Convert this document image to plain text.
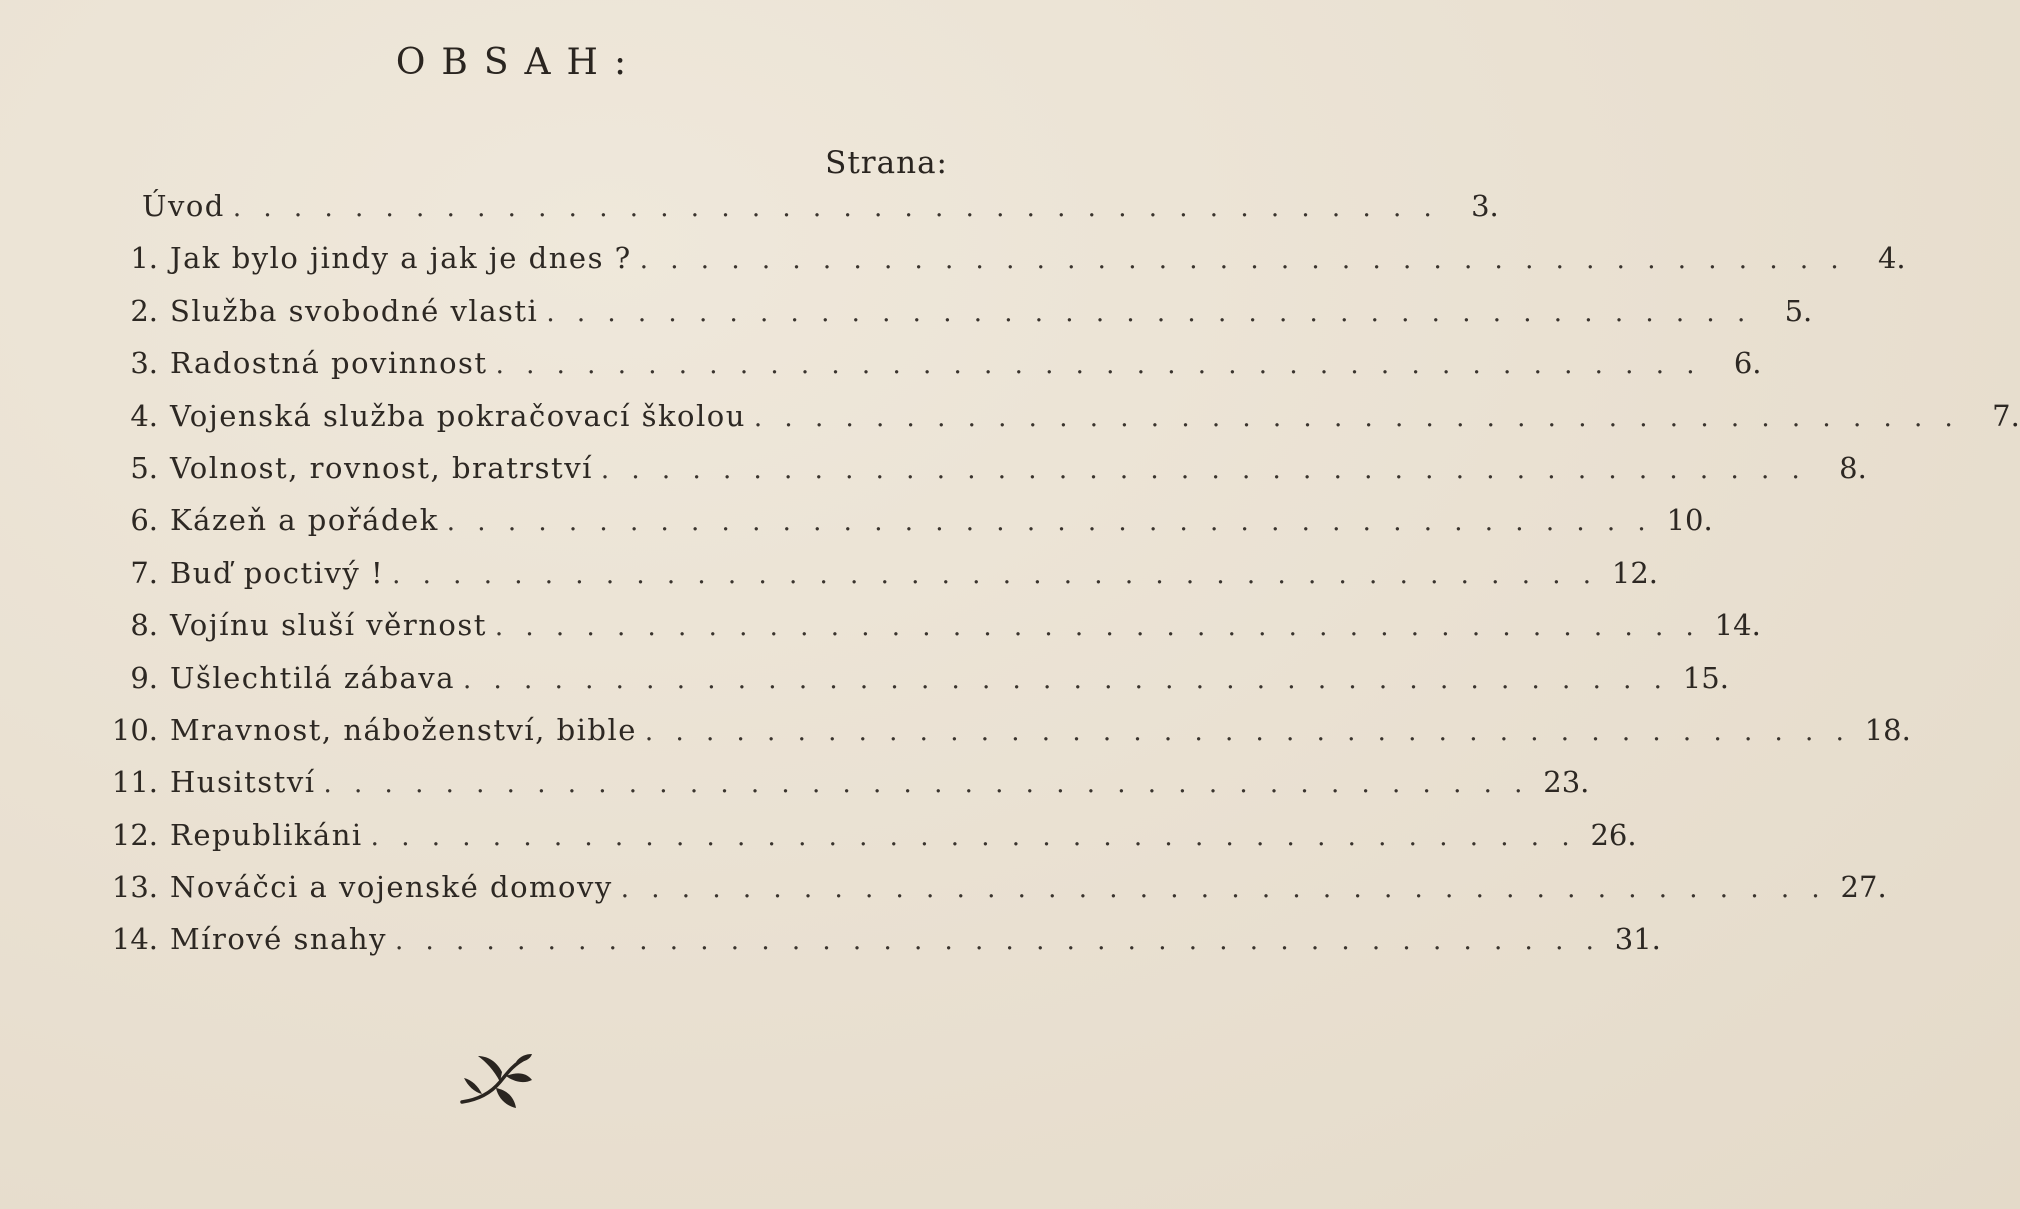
OBSAH:
Strana:
Úvod . . . . . . . . . . . . . . . . . . . . . . . . . . . . . . . . . . . . . . . .	3.
1. Jak bylo jindy a jak je dnes ? . . . . . . . . . . . . . . . . . . . . . . . . . . . . . . . . . . . . . . . .	4.
2. Služba svobodné vlasti . . . . . . . . . . . . . . . . . . . . . . . . . . . . . . . . . . . . . . . .	5.
3. Radostná povinnost . . . . . . . . . . . . . . . . . . . . . . . . . . . . . . . . . . . . . . . .	6.
4. Vojenská služba pokračovací školou . . . . . . . . . . . . . . . . . . . . . . . . . . . . . . . . . . . . . . . .	7.
5. Volnost, rovnost, bratrství . . . . . . . . . . . . . . . . . . . . . . . . . . . . . . . . . . . . . . . .	8.
6. Kázeň a pořádek . . . . . . . . . . . . . . . . . . . . . . . . . . . . . . . . . . . . . . . . 10.
7. Buď poctivý ! . . . . . . . . . . . . . . . . . . . . . . . . . . . . . . . . . . . . . . . . 12.
8. Vojínu sluší věrnost . . . . . . . . . . . . . . . . . . . . . . . . . . . . . . . . . . . . . . . . 14.
9. Ušlechtilá zábava . . . . . . . . . . . . . . . . . . . . . . . . . . . . . . . . . . . . . . . . 15.
10. Mravnost, náboženství, bible . . . . . . . . . . . . . . . . . . . . . . . . . . . . . . . . . . . . . . . . 18.
11. Husitství . . . . . . . . . . . . . . . . . . . . . . . . . . . . . . . . . . . . . . . . 23.
12. Republikáni . . . . . . . . . . . . . . . . . . . . . . . . . . . . . . . . . . . . . . . . 26.
13. Nováčci a vojenské domovy . . . . . . . . . . . . . . . . . . . . . . . . . . . . . . . . . . . . . . . . 27.
14. Mírové snahy . . . . . . . . . . . . . . . . . . . . . . . . . . . . . . . . . . . . . . . . 31.
